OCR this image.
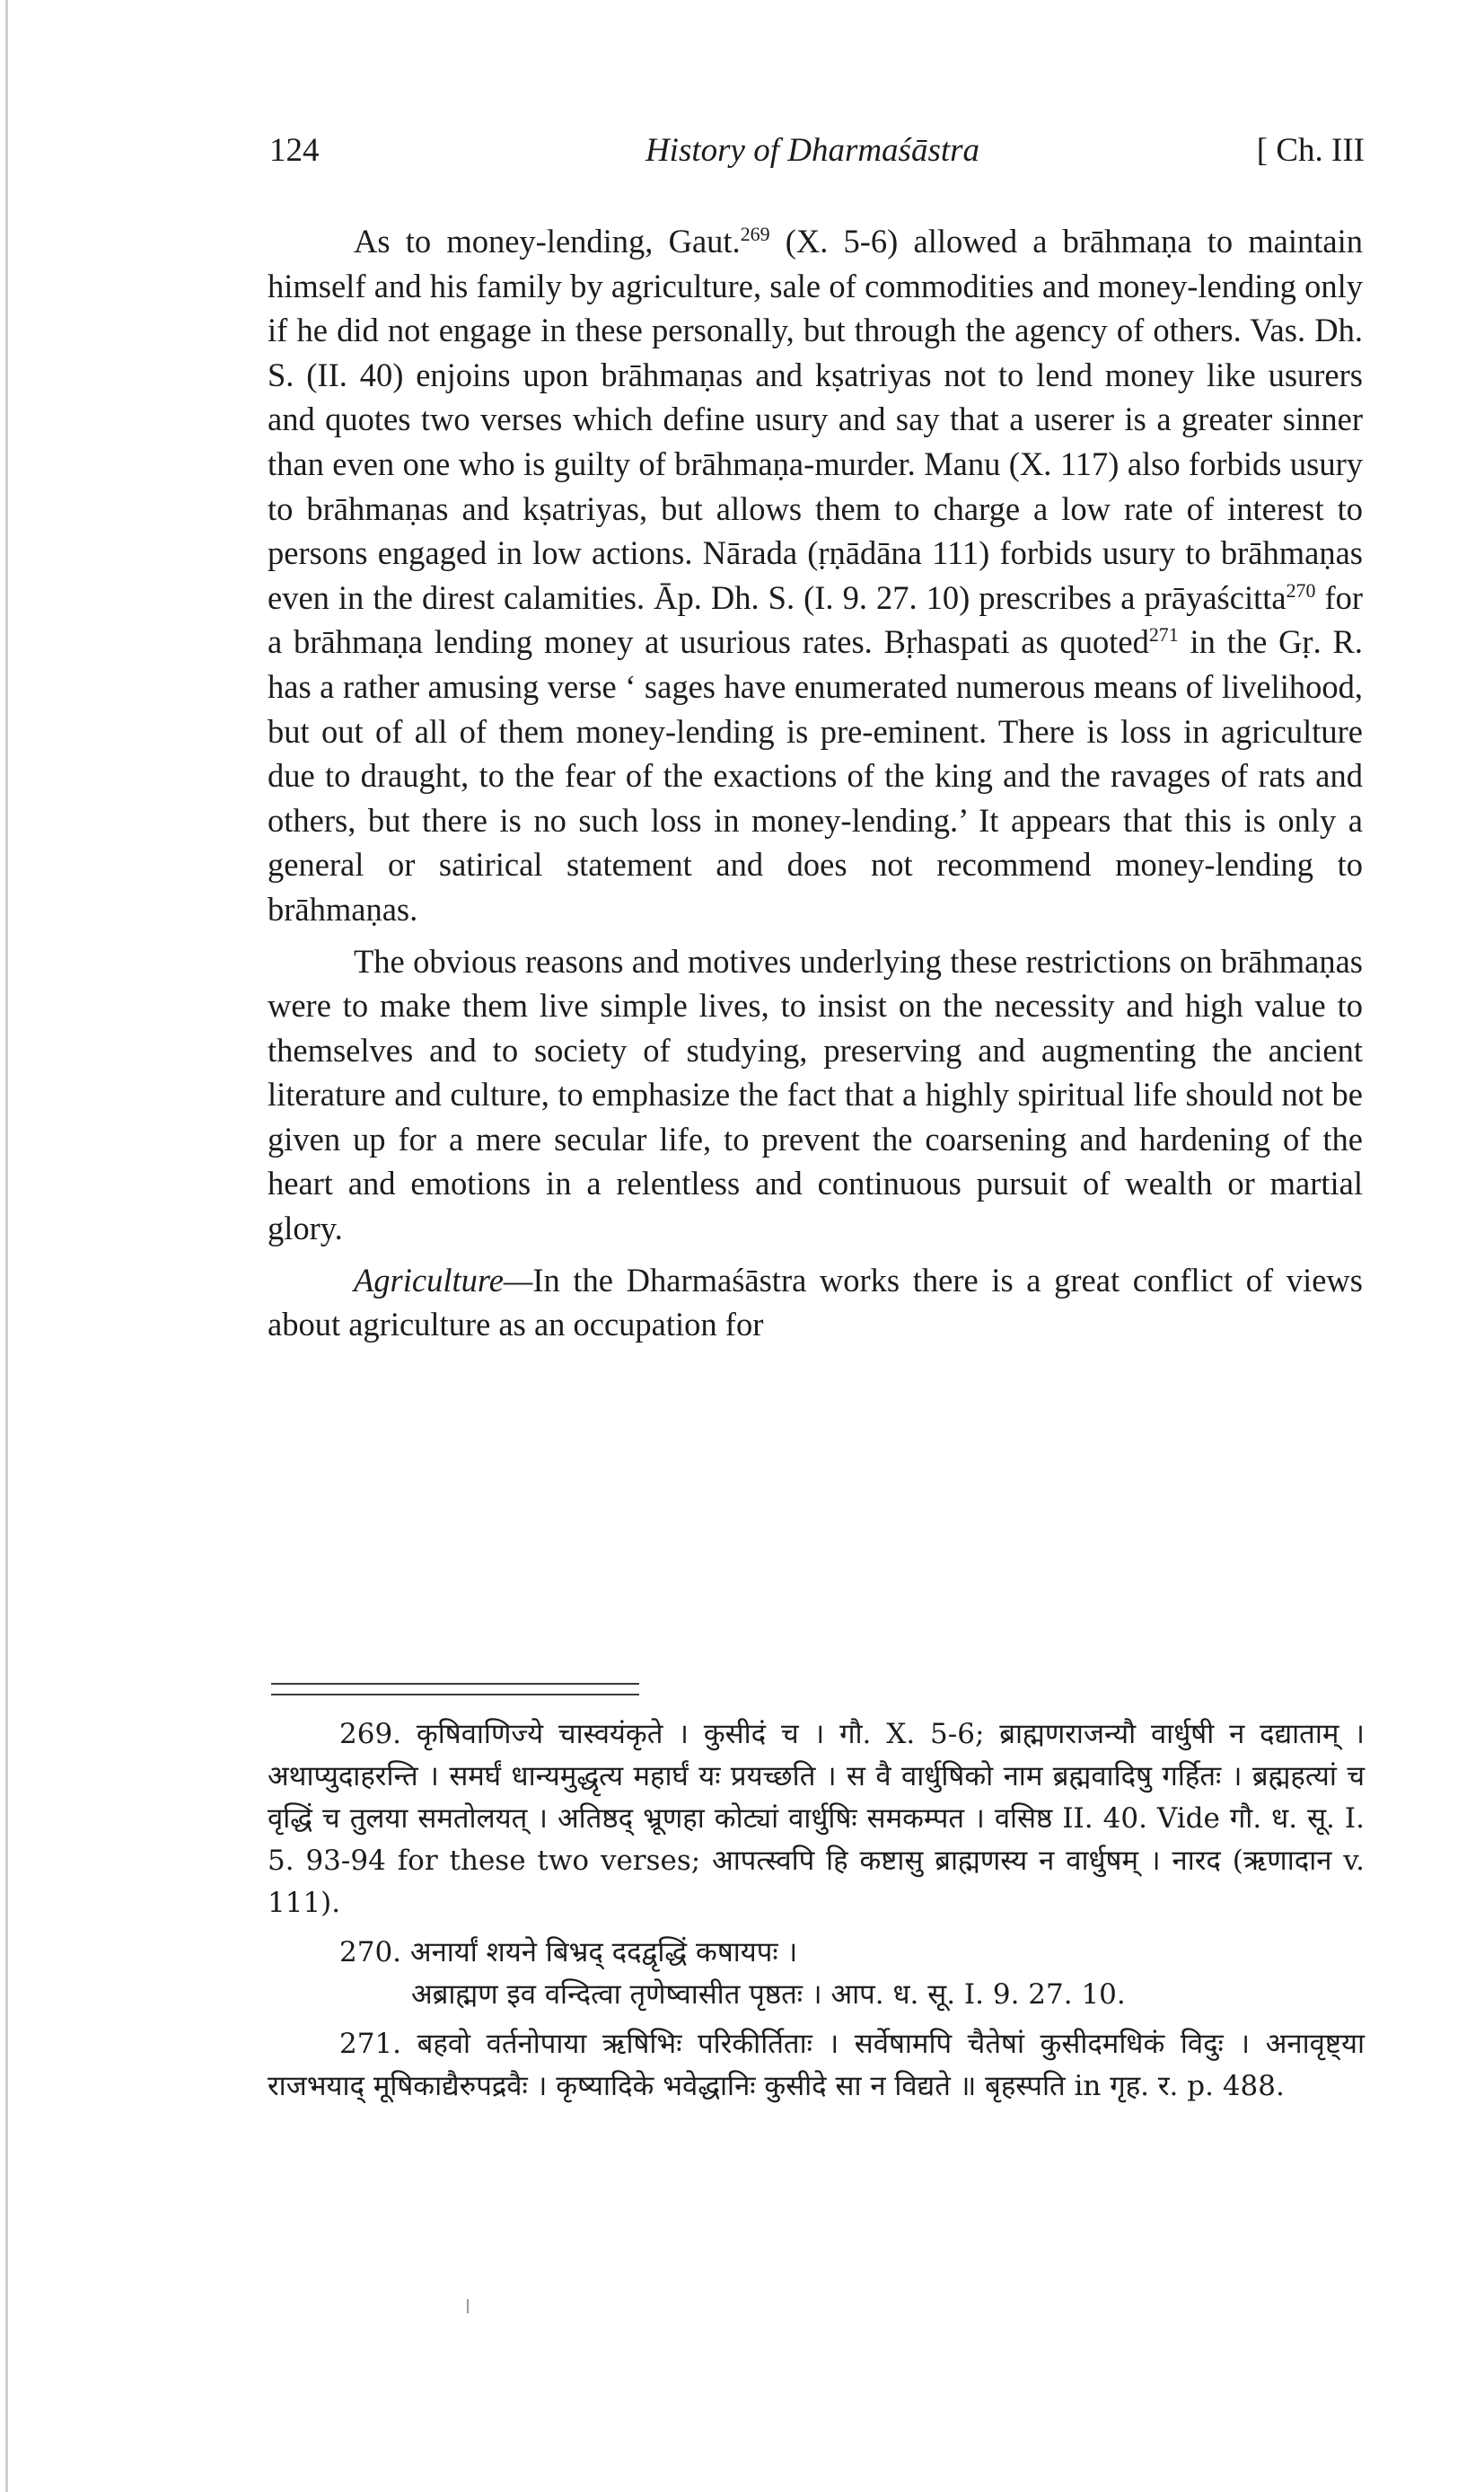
124	History of Dharmaśāstra	[ Ch. III

As to money-lending, Gaut.$^{269}$ (X. 5-6) allowed a brāhmaṇa to maintain himself and his family by agriculture, sale of commodities and money-lending only if he did not engage in these personally, but through the agency of others. Vas. Dh. S. (II. 40) enjoins upon brāhmaṇas and kṣatriyas not to lend money like usurers and quotes two verses which define usury and say that a userer is a greater sinner than even one who is guilty of brāhmaṇa-murder. Manu (X. 117) also forbids usury to brāhmaṇas and kṣatriyas, but allows them to charge a low rate of interest to persons engaged in low actions. Nārada (ṛṇādāna 111) forbids usury to brāhmaṇas even in the direst calamities. Āp. Dh. S. (I. 9. 27. 10) prescribes a prāyaścitta$^{270}$ for a brāhmaṇa lending money at usurious rates. Bṛhaspati as quoted$^{271}$ in the Gṛ. R. has a rather amusing verse ‘ sages have enumerated numerous means of livelihood, but out of all of them money-lending is pre-eminent. There is loss in agriculture due to draught, to the fear of the exactions of the king and the ravages of rats and others, but there is no such loss in money-lending.’ It appears that this is only a general or satirical statement and does not recommend money-lending to brāhmaṇas.

The obvious reasons and motives underlying these restrictions on brāhmaṇas were to make them live simple lives, to insist on the necessity and high value to themselves and to society of studying, preserving and augmenting the ancient literature and culture, to emphasize the fact that a highly spiritual life should not be given up for a mere secular life, to prevent the coarsening and hardening of the heart and emotions in a relentless and continuous pursuit of wealth or martial glory.

Agriculture—In the Dharmaśāstra works there is a great conflict of views about agriculture as an occupation for

269. कृषिवाणिज्ये चास्वयंकृते । कुसीदं च । गौ. X. 5-6; ब्राह्मणराजन्यौ वार्धुषी न दद्याताम् । अथाप्युदाहरन्ति । समर्घं धान्यमुद्धृत्य महार्घं यः प्रयच्छति । स वै वार्धुषिको नाम ब्रह्मवादिषु गर्हितः । ब्रह्महत्यां च वृद्धिं च तुलया समतोलयत् । अतिष्ठद् भ्रूणहा कोट्यां वार्धुषिः समकम्पत । वसिष्ठ II. 40. Vide गौ. ध. सू. I. 5. 93-94 for these two verses; आपत्स्वपि हि कष्टासु ब्राह्मणस्य न वार्धुषम् । नारद (ऋणादान v. 111).

270. अनार्यां शयने बिभ्रद् ददद्वृद्धिं कषायपः ।
अब्राह्मण इव वन्दित्वा तृणेष्वासीत पृष्ठतः । आप. ध. सू. I. 9. 27. 10.

271. बहवो वर्तनोपाया ऋषिभिः परिकीर्तिताः । सर्वेषामपि चैतेषां कुसीदमधिकं विदुः । अनावृष्ट्या राजभयाद् मूषिकाद्यैरुपद्रवैः । कृष्यादिके भवेद्धानिः कुसीदे सा न विद्यते ॥ बृहस्पति in गृह. र. p. 488.
